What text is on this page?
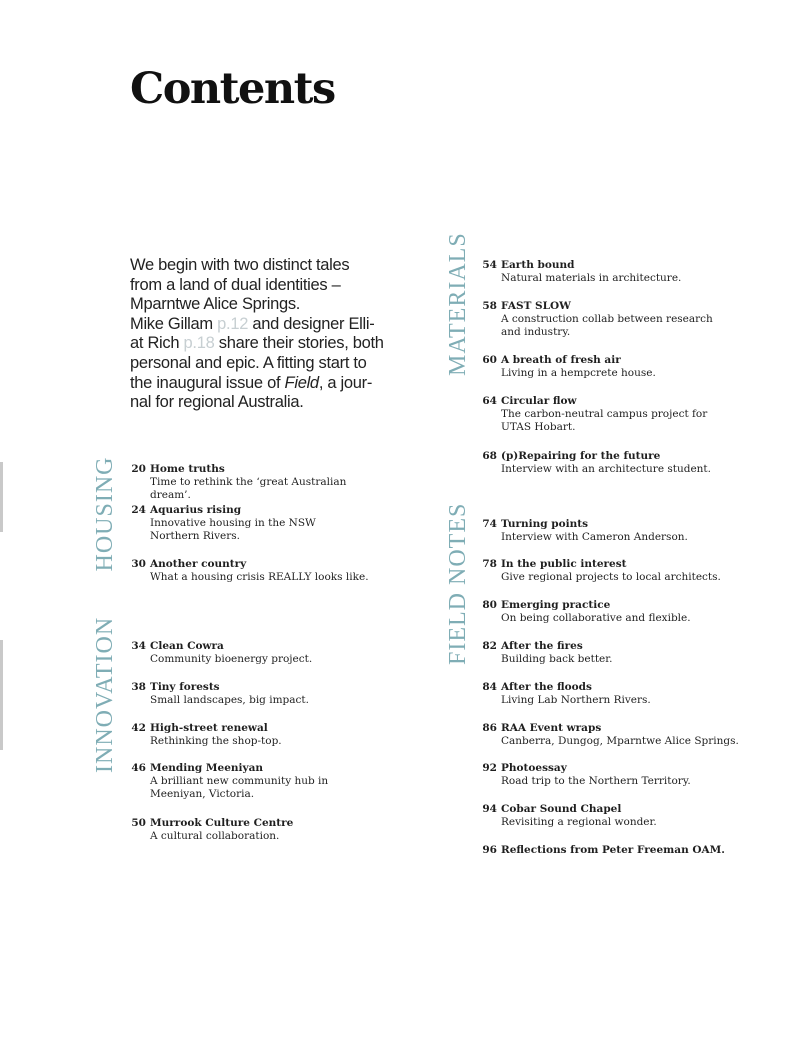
Contents
We begin with two distinct tales
from a land of dual identities –
Mparntwe Alice Springs.
Mike Gillam p.12 and designer Elli-
at Rich p.18 share their stories, both
personal and epic. A fitting start to
the inaugural issue of Field, a jour-
nal for regional Australia.
HOUSING
INNOVATION
MATERIALS
FIELD NOTES
20 Home truths
Time to rethink the ‘great Australian dream’.
24 Aquarius rising
Innovative housing in the NSW
Northern Rivers.
30 Another country
What a housing crisis REALLY looks like.
34 Clean Cowra
Community bioenergy project.
38 Tiny forests
Small landscapes, big impact.
42 High-street renewal
Rethinking the shop-top.
46 Mending Meeniyan
A brilliant new community hub in
Meeniyan, Victoria.
50 Murrook Culture Centre
A cultural collaboration.
54 Earth bound
Natural materials in architecture.
58 FAST SLOW
A construction collab between research
and industry.
60 A breath of fresh air
Living in a hempcrete house.
64 Circular flow
The carbon-neutral campus project for
UTAS Hobart.
68 (p)Repairing for the future
Interview with an architecture student.
74 Turning points
Interview with Cameron Anderson.
78 In the public interest
Give regional projects to local architects.
80 Emerging practice
On being collaborative and flexible.
82 After the fires
Building back better.
84 After the floods
Living Lab Northern Rivers.
86 RAA Event wraps
Canberra, Dungog, Mparntwe Alice Springs.
92 Photoessay
Road trip to the Northern Territory.
94 Cobar Sound Chapel
Revisiting a regional wonder.
96 Reflections from Peter Freeman OAM.
